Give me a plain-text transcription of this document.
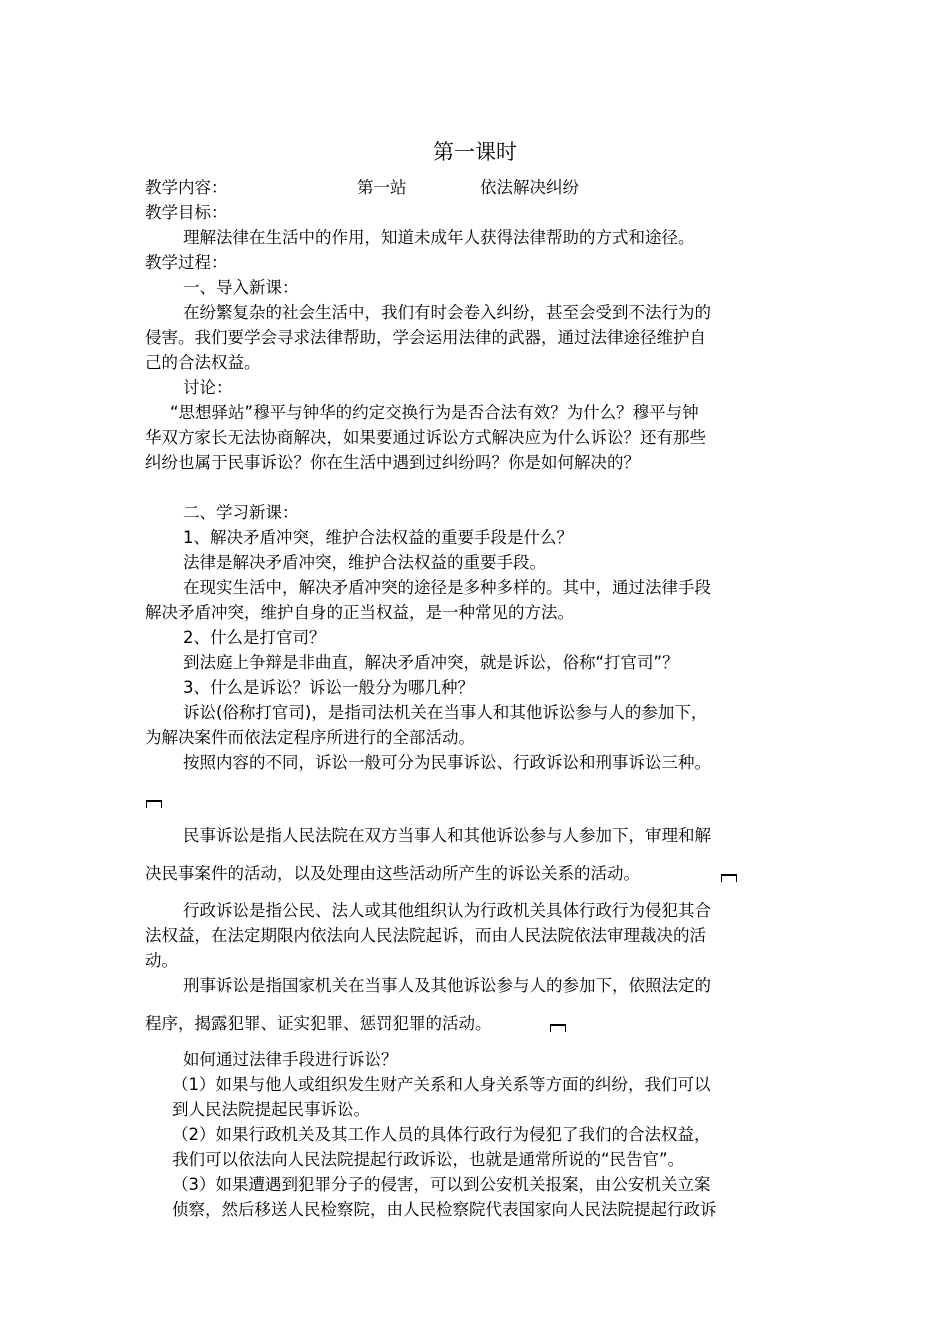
第一课时
教学内容：	第一站	依法解决纠纷
教学目标：
理解法律在生活中的作用，知道未成年人获得法律帮助的方式和途径。
教学过程：
一、导入新课：
在纷繁复杂的社会生活中，我们有时会卷入纠纷，甚至会受到不法行为的
侵害。我们要学会寻求法律帮助，学会运用法律的武器，通过法律途径维护自
己的合法权益。
讨论：
“思想驿站”穆平与钟华的约定交换行为是否合法有效？为什么？穆平与钟
华双方家长无法协商解决，如果要通过诉讼方式解决应为什么诉讼？还有那些
纠纷也属于民事诉讼？你在生活中遇到过纠纷吗？你是如何解决的？
二、学习新课：
1、解决矛盾冲突，维护合法权益的重要手段是什么？
法律是解决矛盾冲突，维护合法权益的重要手段。
在现实生活中，解决矛盾冲突的途径是多种多样的。其中，通过法律手段
解决矛盾冲突，维护自身的正当权益，是一种常见的方法。
2、什么是打官司？
到法庭上争辩是非曲直，解决矛盾冲突，就是诉讼，俗称“打官司”？
3、什么是诉讼？诉讼一般分为哪几种？
诉讼(俗称打官司)，是指司法机关在当事人和其他诉讼参与人的参加下，
为解决案件而依法定程序所进行的全部活动。
按照内容的不同，诉讼一般可分为民事诉讼、行政诉讼和刑事诉讼三种。
民事诉讼是指人民法院在双方当事人和其他诉讼参与人参加下，审理和解
决民事案件的活动，以及处理由这些活动所产生的诉讼关系的活动。
行政诉讼是指公民、法人或其他组织认为行政机关具体行政行为侵犯其合
法权益，在法定期限内依法向人民法院起诉，而由人民法院依法审理裁决的活
动。
刑事诉讼是指国家机关在当事人及其他诉讼参与人的参加下，依照法定的
程序，揭露犯罪、证实犯罪、惩罚犯罪的活动。
如何通过法律手段进行诉讼？
（1）如果与他人或组织发生财产关系和人身关系等方面的纠纷，我们可以
到人民法院提起民事诉讼。
（2）如果行政机关及其工作人员的具体行政行为侵犯了我们的合法权益，
我们可以依法向人民法院提起行政诉讼，也就是通常所说的“民告官”。
（3）如果遭遇到犯罪分子的侵害，可以到公安机关报案，由公安机关立案
侦察，然后移送人民检察院，由人民检察院代表国家向人民法院提起行政诉
